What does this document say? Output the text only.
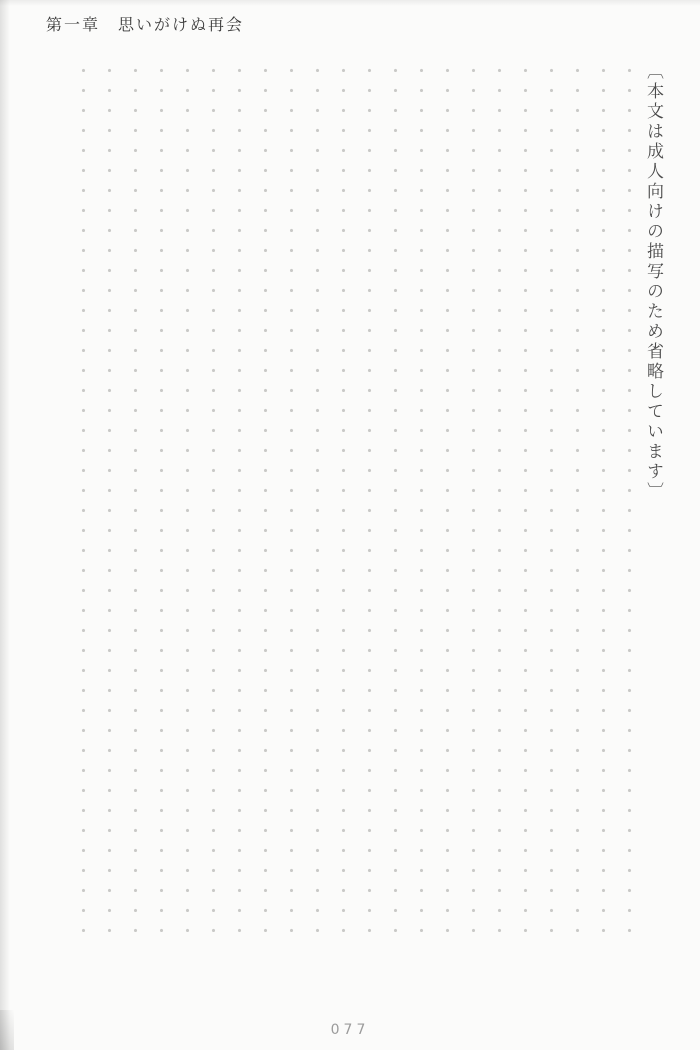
第一章　思いがけぬ再会

〔本文は成人向けの描写のため省略しています〕

・・・・・・・・・・・・・・・・・・・・・・・・・・・・・・・・・・・・・・・・・・・・

・・・・・・・・・・・・・・・・・・・・・・・・・・・・・・・・・・・・・・・・・・・・

・・・・・・・・・・・・・・・・・・・・・・・・・・・・・・・・・・・・・・・・・・・・

・・・・・・・・・・・・・・・・・・・・・・・・・・・・・・・・・・・・・・・・・・・・

・・・・・・・・・・・・・・・・・・・・・・・・・・・・・・・・・・・・・・・・・・・・

・・・・・・・・・・・・・・・・・・・・・・・・・・・・・・・・・・・・・・・・・・・・

・・・・・・・・・・・・・・・・・・・・・・・・・・・・・・・・・・・・・・・・・・・・

・・・・・・・・・・・・・・・・・・・・・・・・・・・・・・・・・・・・・・・・・・・・

・・・・・・・・・・・・・・・・・・・・・・・・・・・・・・・・・・・・・・・・・・・・

・・・・・・・・・・・・・・・・・・・・・・・・・・・・・・・・・・・・・・・・・・・・

・・・・・・・・・・・・・・・・・・・・・・・・・・・・・・・・・・・・・・・・・・・・

・・・・・・・・・・・・・・・・・・・・・・・・・・・・・・・・・・・・・・・・・・・・

・・・・・・・・・・・・・・・・・・・・・・・・・・・・・・・・・・・・・・・・・・・・

・・・・・・・・・・・・・・・・・・・・・・・・・・・・・・・・・・・・・・・・・・・・

・・・・・・・・・・・・・・・・・・・・・・・・・・・・・・・・・・・・・・・・・・・・

・・・・・・・・・・・・・・・・・・・・・・・・・・・・・・・・・・・・・・・・・・・・

・・・・・・・・・・・・・・・・・・・・・・・・・・・・・・・・・・・・・・・・・・・・

・・・・・・・・・・・・・・・・・・・・・・・・・・・・・・・・・・・・・・・・・・・・

・・・・・・・・・・・・・・・・・・・・・・・・・・・・・・・・・・・・・・・・・・・・

・・・・・・・・・・・・・・・・・・・・・・・・・・・・・・・・・・・・・・・・・・・・

・・・・・・・・・・・・・・・・・・・・・・・・・・・・・・・・・・・・・・・・・・・・

・・・・・・・・・・・・・・・・・・・・・・・・・・・・・・・・・・・・・・・・・・・・

077
